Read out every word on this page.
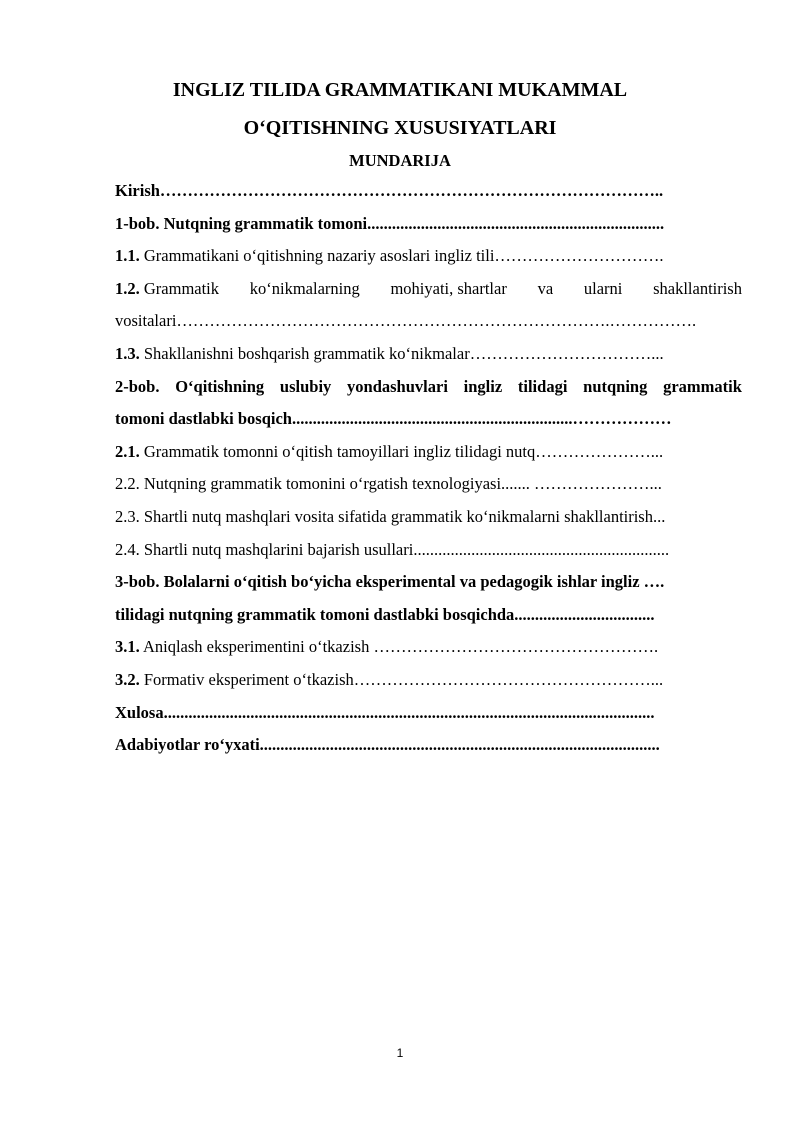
INGLIZ TILIDA GRAMMATIKANI MUKAMMAL
O‘QITISHNING XUSUSIYATLARI
MUNDARIJA
Kirish………………………………………………………………………………..
1-bob. Nutqning grammatik tomoni........................................................................
1.1. Grammatikani o‘qitishning nazariy asoslari ingliz tili………………………….
1.2. Grammatik ko‘nikmalarning mohiyati, shartlar va ularni shakllantirish
vositalari…………………………………………………………………….…………….
1.3. Shakllanishni boshqarish grammatik ko‘nikmalar……………………………...
2-bob. O‘qitishning uslubiy yondashuvlari ingliz tilidagi nutqning grammatik
tomoni dastlabki bosqich....................................................................………………
2.1. Grammatik tomonni o‘qitish tamoyillari ingliz tilidagi nutq…………………...
2.2. Nutqning grammatik tomonini o‘rgatish texnologiyasi....... …………………...
2.3. Shartli nutq mashqlari vosita sifatida grammatik ko‘nikmalarni shakllantirish...
2.4. Shartli nutq mashqlarini bajarish usullari..............................................................
3-bob. Bolalarni o‘qitish bo‘yicha eksperimental va pedagogik ishlar ingliz ….
tilidagi nutqning grammatik tomoni dastlabki bosqichda..................................
3.1. Aniqlash eksperimentini o‘tkazish …………………………………………….
3.2. Formativ eksperiment o‘tkazish………………………………………………...
Xulosa.......................................................................................................................
Adabiyotlar ro‘yxati.................................................................................................
1
